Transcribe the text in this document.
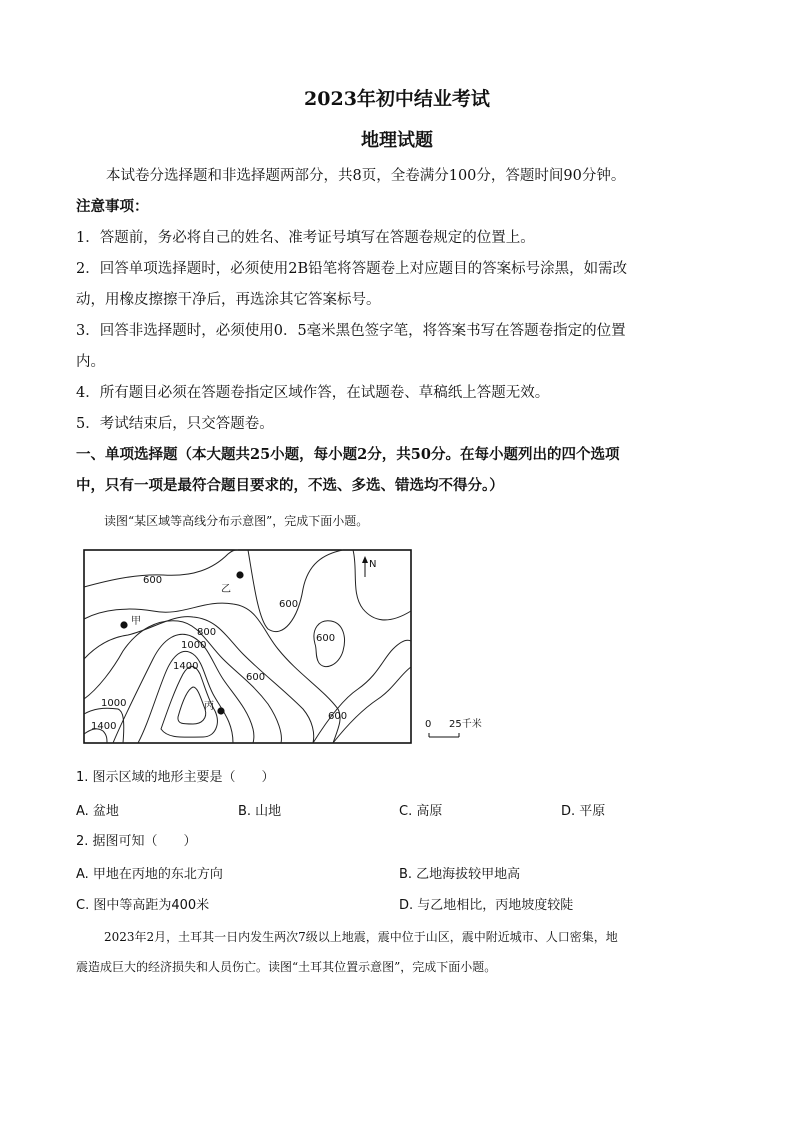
2023年初中结业考试
地理试题
本试卷分选择题和非选择题两部分，共8页，全卷满分100分，答题时间90分钟。
注意事项：
1．答题前，务必将自己的姓名、准考证号填写在答题卷规定的位置上。
2．回答单项选择题时，必须使用2B铅笔将答题卷上对应题目的答案标号涂黑，如需改
动，用橡皮擦擦干净后，再选涂其它答案标号。
3．回答非选择题时，必须使用0．5毫米黑色签字笔，将答案书写在答题卷指定的位置
内。
4．所有题目必须在答题卷指定区域作答，在试题卷、草稿纸上答题无效。
5．考试结束后，只交答题卷。
一、单项选择题（本大题共25小题，每小题2分，共50分。在每小题列出的四个选项
中，只有一项是最符合题目要求的，不选、多选、错选均不得分。）
读图“某区域等高线分布示意图”，完成下面小题。
甲
乙
丙
600
600
600
800
1000
1400
600
600
1000
1400
N
0 25千米
1. 图示区域的地形主要是（　　）
A. 盆地	B. 山地	C. 高原	D. 平原
2. 据图可知（　　）
A. 甲地在丙地的东北方向	B. 乙地海拔较甲地高
C. 图中等高距为400米	D. 与乙地相比，丙地坡度较陡
2023年2月，土耳其一日内发生两次7级以上地震，震中位于山区，震中附近城市、人口密集，地
震造成巨大的经济损失和人员伤亡。读图“土耳其位置示意图”，完成下面小题。
